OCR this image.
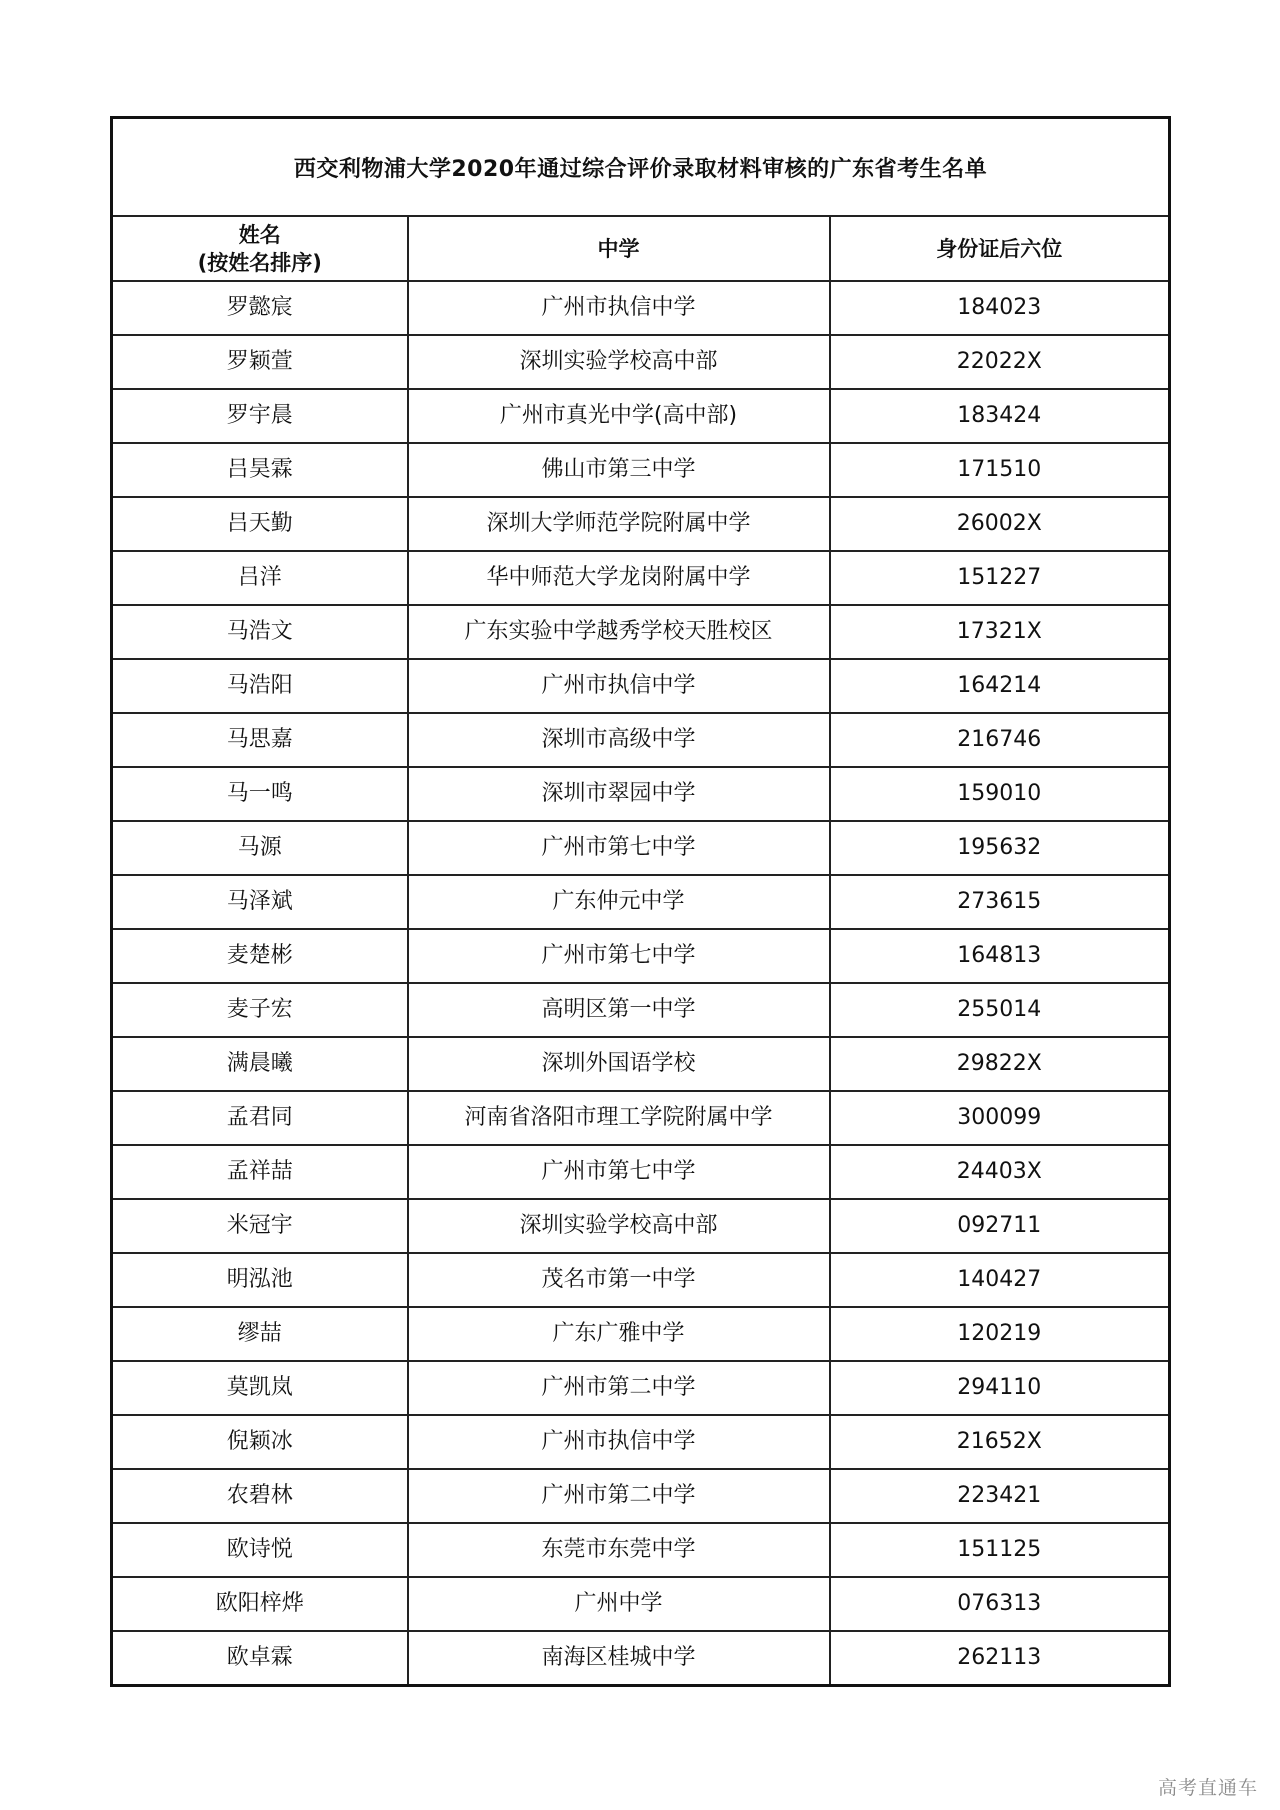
西交利物浦大学2020年通过综合评价录取材料审核的广东省考生名单		

姓名
(按姓名排序)	中学	身份证后六位
罗懿宸	广州市执信中学	184023
罗颖萱	深圳实验学校高中部	22022X
罗宇晨	广州市真光中学(高中部)	183424
吕昊霖	佛山市第三中学	171510
吕天勤	深圳大学师范学院附属中学	26002X
吕洋	华中师范大学龙岗附属中学	151227
马浩文	广东实验中学越秀学校天胜校区	17321X
马浩阳	广州市执信中学	164214
马思嘉	深圳市高级中学	216746
马一鸣	深圳市翠园中学	159010
马源	广州市第七中学	195632
马泽斌	广东仲元中学	273615
麦楚彬	广州市第七中学	164813
麦子宏	高明区第一中学	255014
满晨曦	深圳外国语学校	29822X
孟君同	河南省洛阳市理工学院附属中学	300099
孟祥喆	广州市第七中学	24403X
米冠宇	深圳实验学校高中部	092711
明泓池	茂名市第一中学	140427
缪喆	广东广雅中学	120219
莫凯岚	广州市第二中学	294110
倪颖冰	广州市执信中学	21652X
农碧林	广州市第二中学	223421
欧诗悦	东莞市东莞中学	151125
欧阳梓烨	广州中学	076313
欧卓霖	南海区桂城中学	262113
高考直通车
